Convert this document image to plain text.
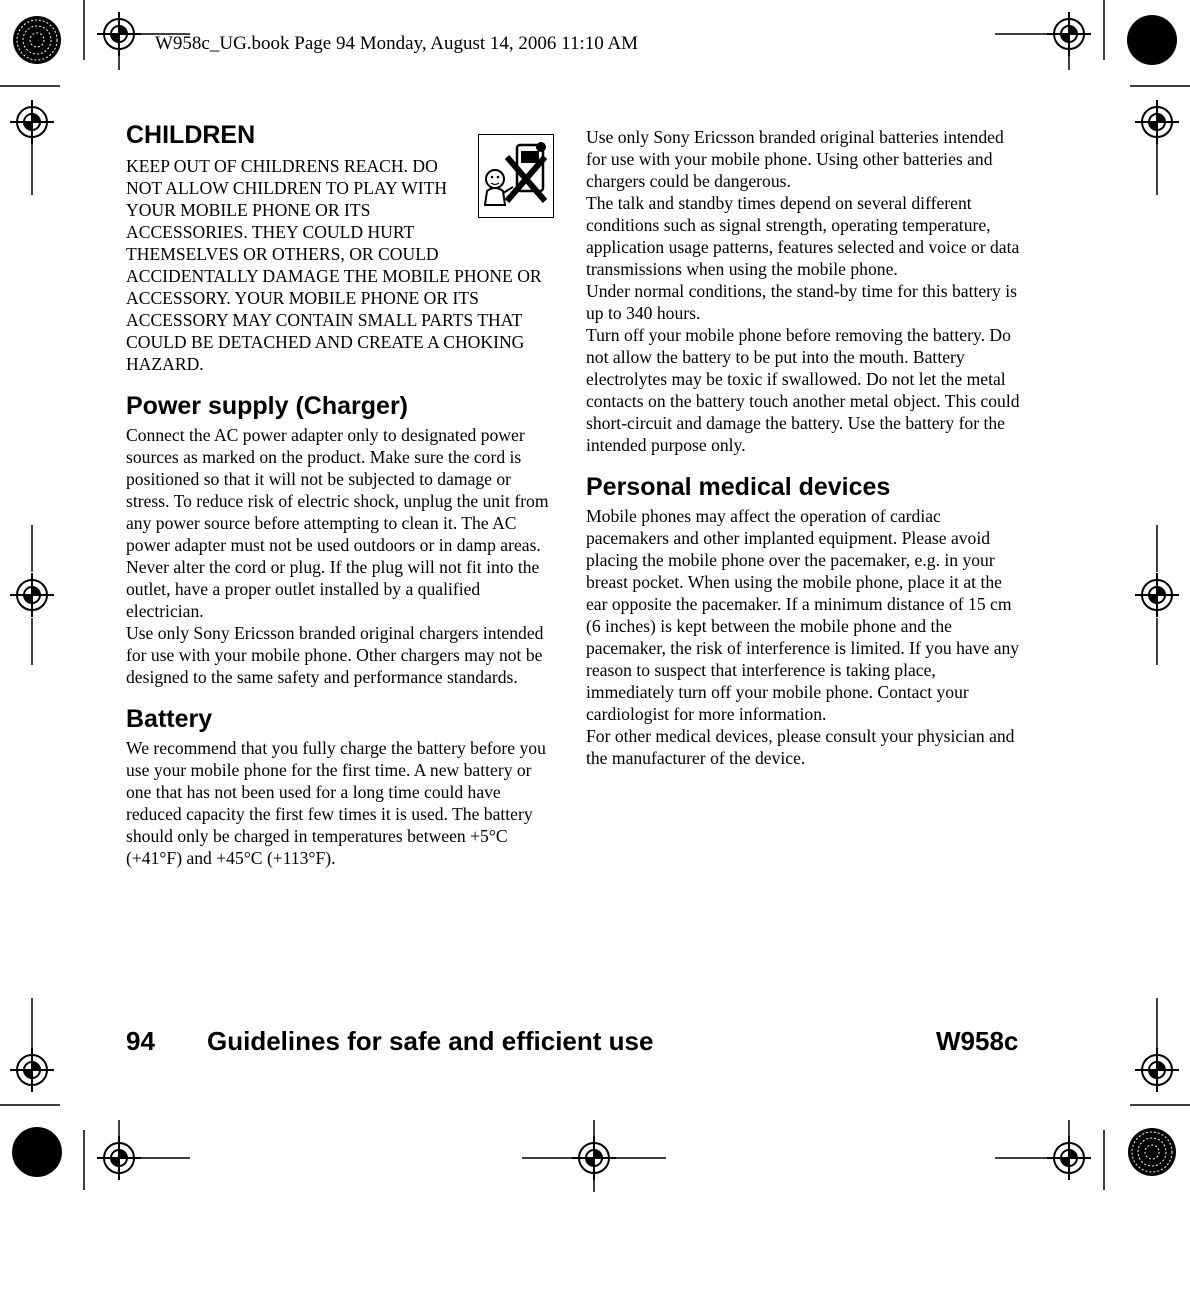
W958c_UG.book Page 94 Monday, August 14, 2006 11:10 AM
CHILDREN

KEEP OUT OF CHILDRENS REACH. DO NOT ALLOW CHILDREN TO PLAY WITH YOUR MOBILE PHONE OR ITS ACCESSORIES. THEY COULD HURT THEMSELVES OR OTHERS, OR COULD ACCIDENTALLY DAMAGE THE MOBILE PHONE OR ACCESSORY. YOUR MOBILE PHONE OR ITS ACCESSORY MAY CONTAIN SMALL PARTS THAT COULD BE DETACHED AND CREATE A CHOKING HAZARD.

Power supply (Charger)

Connect the AC power adapter only to designated power sources as marked on the product. Make sure the cord is positioned so that it will not be subjected to damage or stress. To reduce risk of electric shock, unplug the unit from any power source before attempting to clean it. The AC power adapter must not be used outdoors or in damp areas. Never alter the cord or plug. If the plug will not fit into the outlet, have a proper outlet installed by a qualified electrician.

Use only Sony Ericsson branded original chargers intended for use with your mobile phone. Other chargers may not be designed to the same safety and performance standards.

Battery

We recommend that you fully charge the battery before you use your mobile phone for the first time. A new battery or one that has not been used for a long time could have reduced capacity the first few times it is used. The battery should only be charged in temperatures between +5°C (+41°F) and +45°C (+113°F).

Use only Sony Ericsson branded original batteries intended for use with your mobile phone. Using other batteries and chargers could be dangerous.

The talk and standby times depend on several different conditions such as signal strength, operating temperature, application usage patterns, features selected and voice or data transmissions when using the mobile phone.

Under normal conditions, the stand-by time for this battery is up to 340 hours.

Turn off your mobile phone before removing the battery. Do not allow the battery to be put into the mouth. Battery electrolytes may be toxic if swallowed. Do not let the metal contacts on the battery touch another metal object. This could short-circuit and damage the battery. Use the battery for the intended purpose only.

Personal medical devices

Mobile phones may affect the operation of cardiac pacemakers and other implanted equipment. Please avoid placing the mobile phone over the pacemaker, e.g. in your breast pocket. When using the mobile phone, place it at the ear opposite the pacemaker. If a minimum distance of 15 cm (6 inches) is kept between the mobile phone and the pacemaker, the risk of interference is limited. If you have any reason to suspect that interference is taking place, immediately turn off your mobile phone. Contact your cardiologist for more information.

For other medical devices, please consult your physician and the manufacturer of the device.

94 Guidelines for safe and efficient use	W958c
